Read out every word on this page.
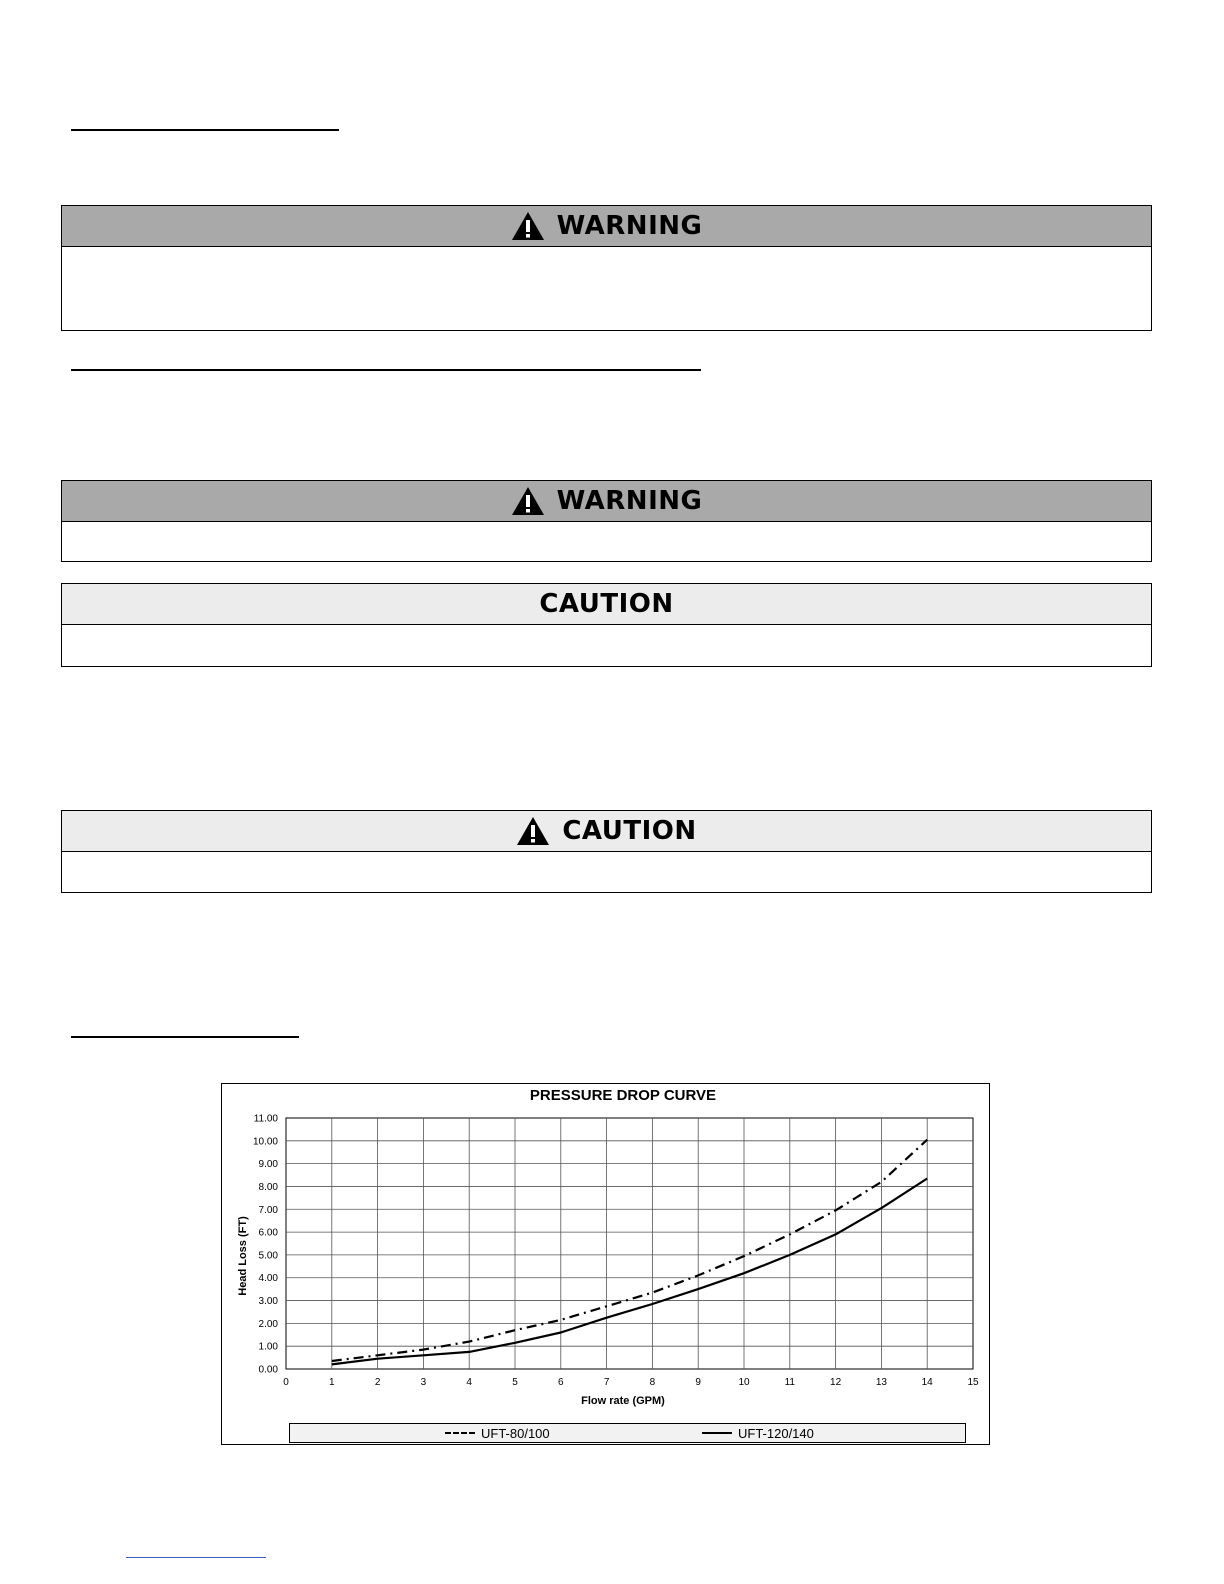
WARNING
WARNING
CAUTION
CAUTION
PRESSURE DROP CURVE
0	1	2	3	4	5	6	7	8	9	10	11	12	13	14	15
0.00
1.00
2.00
3.00
4.00
5.00
6.00
7.00
8.00
9.00
10.00
11.00
Flow rate (GPM)
Head Loss (FT)
UFT-80/100	UFT-120/140
